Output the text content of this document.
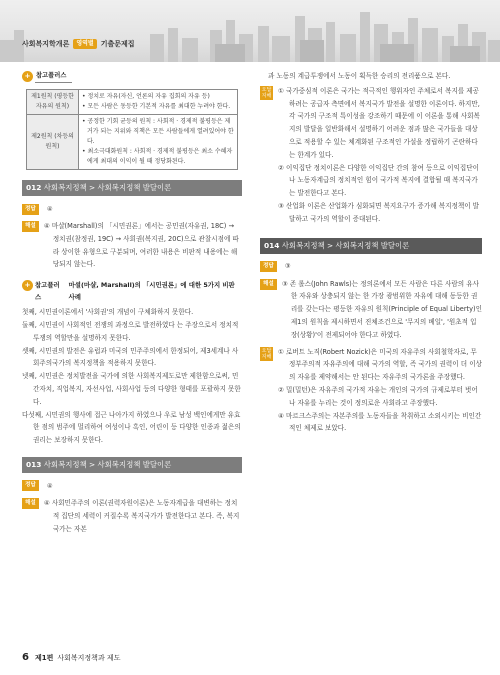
사회복지학개론	영역별	기출문제집
+ 참고플러스
제1원칙 (평등한 자유의 원칙)	• 정치로 자유(자신, 언론의 자유 집회의 자유 등)
• 모든 사람은 동등한 기본적 자유를 최대한 누려야 한다.

제2원칙 (차등의 원칙)	• 공정한 기회 균등의 원칙 : 사회적 · 경제적 불평등은 제거가 되는 지위와 직책은 모든 사람들에게 열려있어야 한다.
• 최소극대화원칙 : 사회적 · 경제적 불평등은 최소 수혜자에게 최대의 이익이 될 때 정당화된다.
012 사회복지정책 > 사회복지정책 발달이론
정답	④
해설	④ 마샬(Marshall)의 「시민권론」에서는 공민권(자유권, 18C) → 정치권(참정권, 19C) → 사회권(복지권, 20C)으로 관찰시점에 따라 상이한 유형으로 구분되며, 여러한 내용은 비판적 내용에는 해당되지 않는다.
+ 참고플러스
마셜(마샬, Marshall)의 「시민권론」에 대한 5가지 비판 사례
첫째, 시민권이론에서 '사회권'의 개념이 구체화하지 못한다.
둘째, 시민권이 사회적인 전쟁의 과정으로 발전하였다 는 주장으로서 정치적 투쟁의 역할만을 설명하지 못한다.
셋째, 시민권의 발전은 유럽과 미국의 민주주의에서 한정되어, 제3세계나 사회주의국가의 복지정책을 적용하지 못한다.
넷째, 시민권은 정치발전을 국가에 의한 사회복지제도로만 제한함으로써, 민간자치, 직업복지, 자선사업, 사회사업 등의 다양한 형태를 포괄하지 못한다.
다섯째, 시민권의 행사에 접근 나아가지 하였으나 우로 남성 백인에게만 유효한 점의 범주에 멀리하여 여성이나 흑인, 어린이 등 다양한 인종과 젊은의 권리는 보장하지 못한다.
013 사회복지정책 > 사회복지정책 발달이론
정답	④
해설	④ 사회민주주의 이론(권력자원이론)은 노동자계급을 대변하는 정치적 집단의 세력이 커질수록 복지국가가 발전한다고 본다. 즉, 복지국가는 자본
과 노동의 계급투쟁에서 노동이 획득한 승리의 전리품으로 본다.
오답지해
① 국가중심적 이론은 국가는 적극적인 행위자인 주체로서 복지를 제공하려는 공급자 측면에서 복지국가 발전을 설명한 이론이다. 하지만, 각 국가의 구조적 특이성을 강조하기 때문에 이 이론을 통해 사회복지의 발달을 일반화해서 설명하기 어려운 점과 많은 국가들을 대상으로 적용할 수 있는 체계화된 구조적인 가설을 정립하기 곤란하다는 한계가 있다.
② 이익집단 정치이론은 다양한 이익집단 간의 참여 등으로 이익집단이나 노동자계급의 정치적인 힘이 국가적 복지에 결합될 때 복지국가는 발전한다고 본다.
③ 산업화 이론은 산업화가 심화되면 복지요구가 증가해 복지정책이 발달하고 국가의 역할이 증대된다.
014 사회복지정책 > 사회복지정책 발달이론
정답	③
해설	③ 존 롤스(John Rawls)는 정의론에서 모든 사람은 다른 사람의 유사한 자유와 상충되지 않는 한 가장 광범위한 자유에 대해 동등한 권리를 갖는다는 평등한 자유의 원칙(Principle of Equal Liberty)인 제1의 원칙을 제시하면서 진체조건으로 '무지의 베일', '원초적 입장(상황)'이 전제되어야 한다고 하였다.
오답지해
① 로버트 노직(Robert Nozick)은 미국의 자유주의 사회철학자로, 무정부주의적 자유주의에 대해 국가의 역할, 즉 국가의 권력이 더 이상의 자유를 제약해서는 안 된다는 자유주의 국가론을 주장했다.
② 밀(밀턴)은 자유주의 국가적 자유는 개인의 국가의 규제로부터 벗어나 자유를 누리는 것이 정의로운 사회라고 주장했다.
④ 마르크스주의는 자본주의를 노동자들을 착취하고 소외시키는 비인간적인 체제로 보았다.
6 제1편 사회복지정책과 제도
